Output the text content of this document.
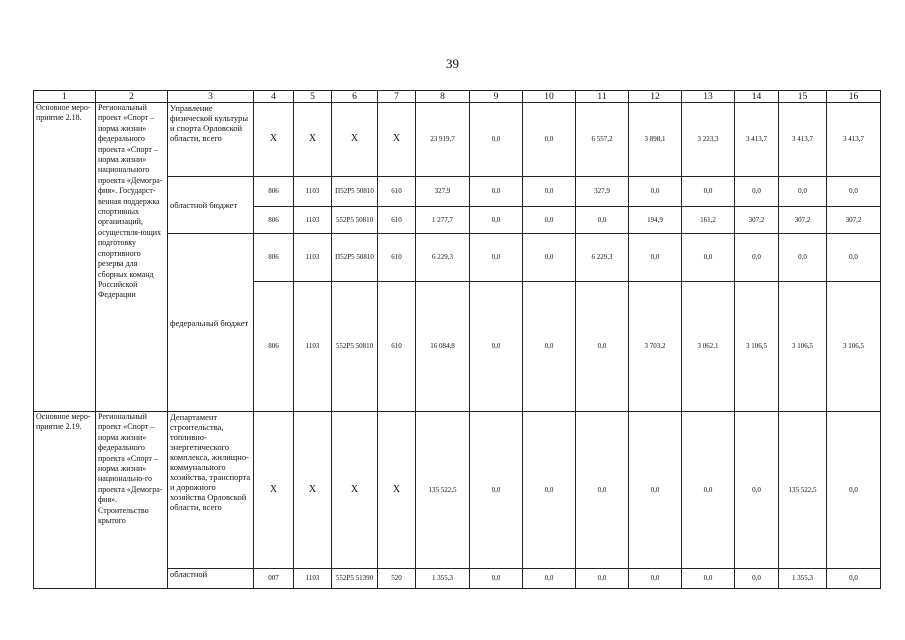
39
1	2	3	4	5	6	7	8	9	10	11	12	13	14	15	16
Основное меро-приятие 2.18.	Региональный проект «Спорт – норма жизни» федерального проекта «Спорт – норма жизни» национального проекта «Демогра-фия». Государст-венная поддержка спортивных организаций, осуществля-ющих подготовку спортивного резерва для сборных команд Российской Федерации	Управление физической культуры и спорта Орловской области, всего	X	X	X	X	23 919,7	0,0	0,0	6 557,2	3 898,1	3 223,3	3 413,7	3 413,7	3 413,7
		областной бюджет	806	1103	П52Р5 50810	610	327,9	0,0	0,0	327,9	0,0	0,0	0,0	0,0	0,0
			806	1103	552Р5 50810	610	1 277,7	0,0	0,0	0,0	194,9	161,2	307,2	307,2	307,2
		федеральный бюджет	806	1103	П52Р5 50810	610	6 229,3	0,0	0,0	6 229,3	0,0	0,0	0,0	0,0	0,0
			806	1103	552Р5 50810	610	16 084,8	0,0	0,0	0,0	3 703,2	3 062,1	3 106,5	3 106,5	3 106,5
Основное меро-приятие 2.19.	Региональный проект «Спорт – норма жизни» федерального проекта «Спорт – норма жизни» национально-го проекта «Демогра-фия». Строительство крытого	Департамент строительства, топливно-энергетического комплекса, жилищно-коммунального хозяйства, транспорта и дорожного хозяйства Орловской области, всего	X	X	X	X	135 522,5	0,0	0,0	0,0	0,0	0,0	0,0	135 522,5	0,0
		областной	007	1103	552Р5 51390	520	1 355,3	0,0	0,0	0,0	0,0	0,0	0,0	1 355,3	0,0
